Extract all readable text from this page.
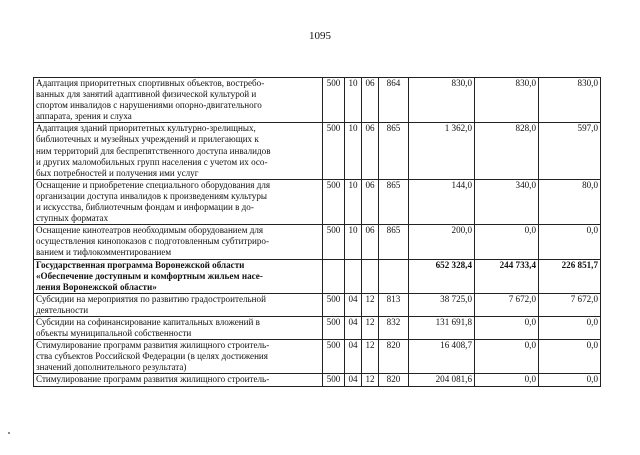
1095
Адаптация приоритетных спортивных объектов, востребо-
ванных для занятий адаптивной физической культурой и
спортом инвалидов с нарушениями опорно-двигательного
аппарата, зрения и слуха	500	10	06	864	830,0	830,0	830,0

Адаптация зданий приоритетных культурно-зрелищных,
библиотечных и музейных учреждений и прилегающих к
ним территорий для беспрепятственного доступа инвалидов
и других маломобильных групп населения с учетом их осо-
бых потребностей и получения ими услуг	500	10	06	865	1 362,0	828,0	597,0

Оснащение и приобретение специального оборудования для
организации доступа инвалидов к произведениям культуры
и искусства, библиотечным фондам и информации в до-
ступных форматах	500	10	06	865	144,0	340,0	80,0

Оснащение кинотеатров необходимым оборудованием для
осуществления кинопоказов с подготовленным субтитриро-
ванием и тифлокомментированием	500	10	06	865	200,0	0,0	0,0

Государственная программа Воронежской области
«Обеспечение доступным и комфортным жильем насе-
ления Воронежской области»					652 328,4	244 733,4	226 851,7

Субсидии на мероприятия по развитию градостроительной
деятельности	500	04	12	813	38 725,0	7 672,0	7 672,0

Субсидии на софинансирование капитальных вложений в
объекты муниципальной собственности	500	04	12	832	131 691,8	0,0	0,0

Стимулирование программ развития жилищного строитель-
ства субъектов Российской Федерации (в целях достижения
значений дополнительного результата)	500	04	12	820	16 408,7	0,0	0,0

Стимулирование программ развития жилищного строитель-	500	04	12	820	204 081,6	0,0	0,0
